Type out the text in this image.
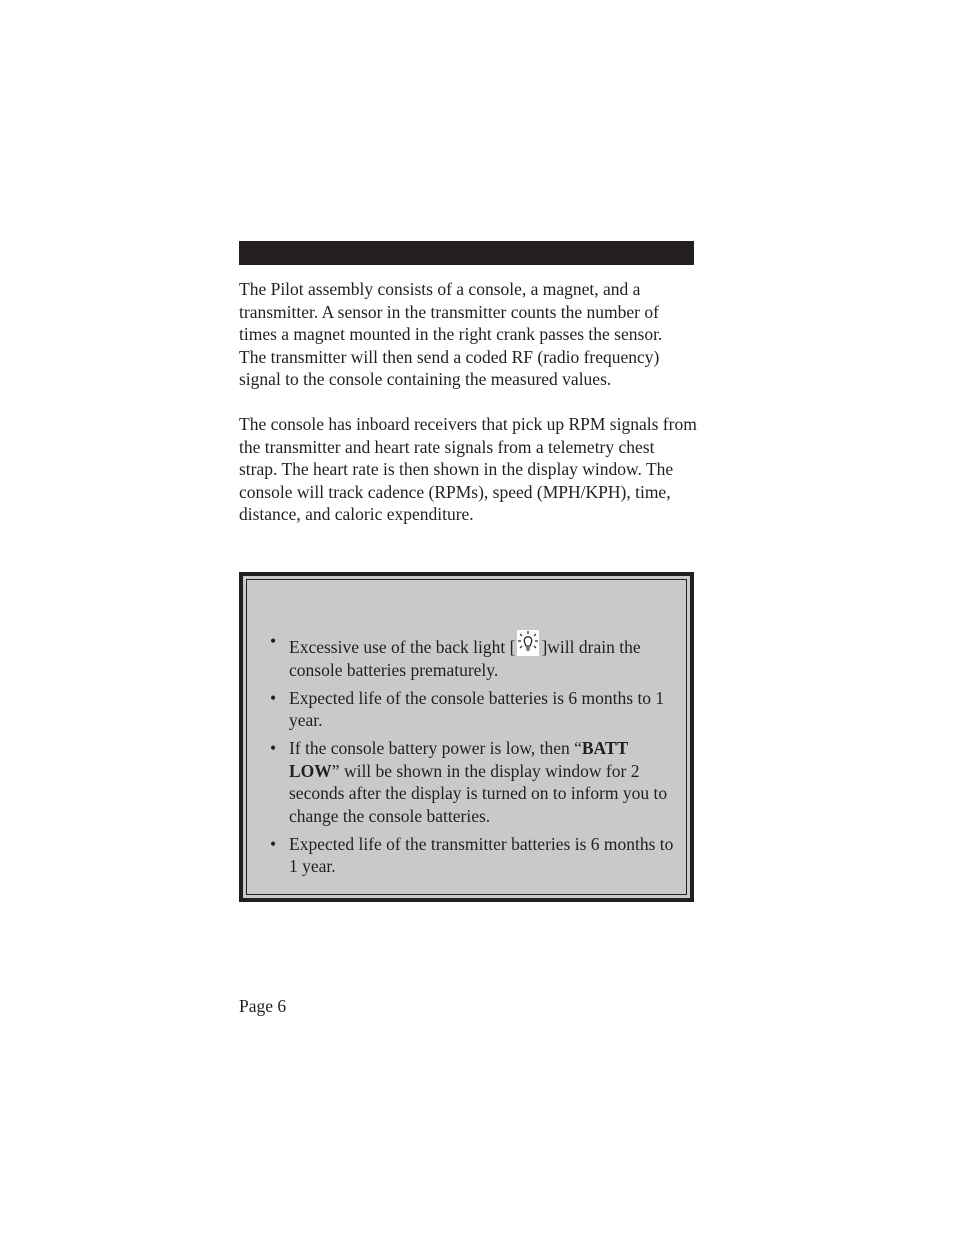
The Pilot assembly consists of a console, a magnet, and a transmitter. A sensor in the transmitter counts the number of times a magnet mounted in the right crank passes the sensor.

The transmitter will then send a coded RF (radio frequency) signal to the console containing the measured values.

The console has inboard receivers that pick up RPM signals from the transmitter and heart rate signals from a telemetry chest strap. The heart rate is then shown in the display window. The console will track cadence (RPMs), speed (MPH/KPH), time, distance, and caloric expenditure.

• Excessive use of the back light [ ]will drain the console batteries prematurely.
• Expected life of the console batteries is 6 months to 1 year.
• If the console battery power is low, then “BATT LOW” will be shown in the display window for 2 seconds after the display is turned on to inform you to change the console batteries.
• Expected life of the transmitter batteries is 6 months to 1 year.
Page 6
